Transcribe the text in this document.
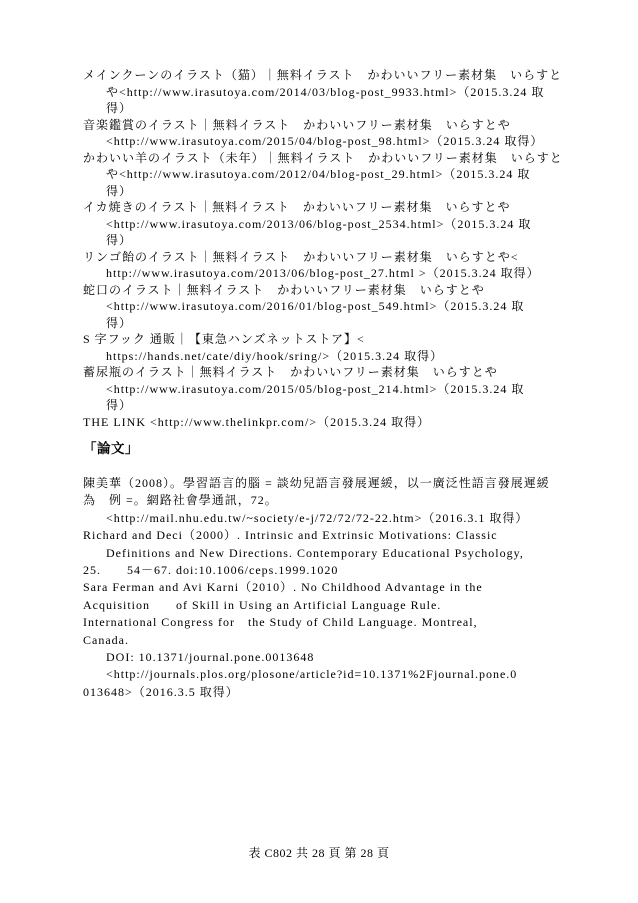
メインクーンのイラスト（猫）｜無料イラスト　かわいいフリー素材集　いらすと
や<http://www.irasutoya.com/2014/03/blog-post_9933.html>（2015.3.24 取
得）
音楽鑑賞のイラスト｜無料イラスト　かわいいフリー素材集　いらすとや
<http://www.irasutoya.com/2015/04/blog-post_98.html>（2015.3.24 取得）
かわいい羊のイラスト（未年）｜無料イラスト　かわいいフリー素材集　いらすと
や<http://www.irasutoya.com/2012/04/blog-post_29.html>（2015.3.24 取
得）
イカ焼きのイラスト｜無料イラスト　かわいいフリー素材集　いらすとや
<http://www.irasutoya.com/2013/06/blog-post_2534.html>（2015.3.24 取
得）
リンゴ飴のイラスト｜無料イラスト　かわいいフリー素材集　いらすとや<
http://www.irasutoya.com/2013/06/blog-post_27.html >（2015.3.24 取得）
蛇口のイラスト｜無料イラスト　かわいいフリー素材集　いらすとや
<http://www.irasutoya.com/2016/01/blog-post_549.html>（2015.3.24 取
得）
S 字フック 通販｜【東急ハンズネットストア】<
https://hands.net/cate/diy/hook/sring/>（2015.3.24 取得）
蓄尿瓶のイラスト｜無料イラスト　かわいいフリー素材集　いらすとや
<http://www.irasutoya.com/2015/05/blog-post_214.html>（2015.3.24 取
得）
THE LINK <http://www.thelinkpr.com/>（2015.3.24 取得）
「論文」
陳美華（2008）。學習語言的腦 = 談幼兒語言發展遲緩，以一廣泛性語言發展遲緩
為　例 =。網路社會學通訊，72。
<http://mail.nhu.edu.tw/~society/e-j/72/72/72-22.htm>（2016.3.1 取得）
Richard and Deci（2000）. Intrinsic and Extrinsic Motivations: Classic
Definitions and New Directions. Contemporary Educational Psychology,
25.　　54－67. doi:10.1006/ceps.1999.1020
Sara Ferman and Avi Karni（2010）. No Childhood Advantage in the
Acquisition　　of Skill in Using an Artificial Language Rule.
International Congress for　the Study of Child Language. Montreal,
Canada.
DOI: 10.1371/journal.pone.0013648
<http://journals.plos.org/plosone/article?id=10.1371%2Fjournal.pone.0
013648>（2016.3.5 取得）
表 C802 共 28 頁 第 28 頁
